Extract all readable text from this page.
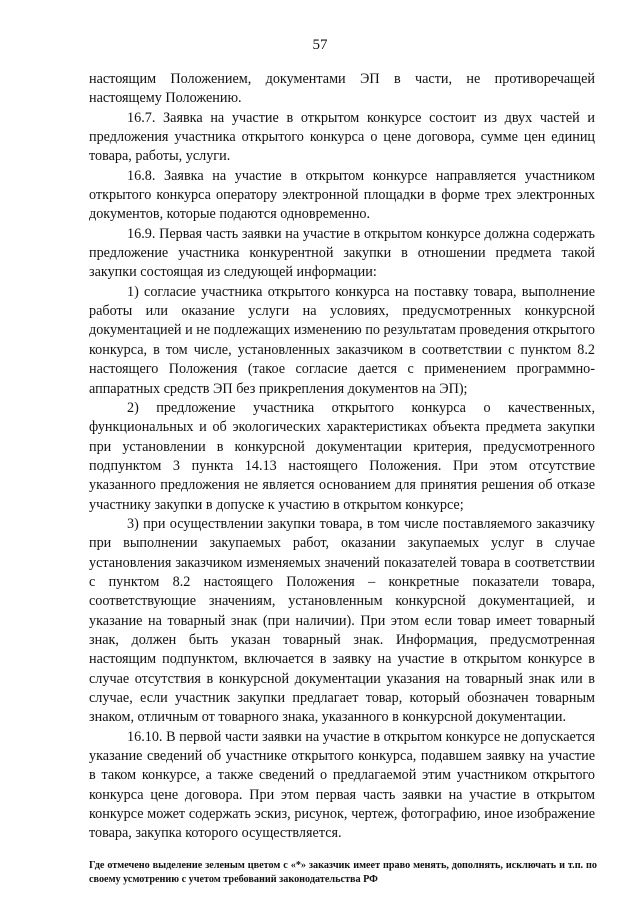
57

настоящим Положением, документами ЭП в части, не противоречащей настоящему Положению.

16.7. Заявка на участие в открытом конкурсе состоит из двух частей и предложения участника открытого конкурса о цене договора, сумме цен единиц товара, работы, услуги.

16.8. Заявка на участие в открытом конкурсе направляется участником открытого конкурса оператору электронной площадки в форме трех электронных документов, которые подаются одновременно.

16.9. Первая часть заявки на участие в открытом конкурсе должна содержать предложение участника конкурентной закупки в отношении предмета такой закупки состоящая из следующей информации:

1) согласие участника открытого конкурса на поставку товара, выполнение работы или оказание услуги на условиях, предусмотренных конкурсной документацией и не подлежащих изменению по результатам проведения открытого конкурса, в том числе, установленных заказчиком в соответствии с пунктом 8.2 настоящего Положения (такое согласие дается с применением программно-аппаратных средств ЭП без прикрепления документов на ЭП);

2) предложение участника открытого конкурса о качественных, функциональных и об экологических характеристиках объекта предмета закупки при установлении в конкурсной документации критерия, предусмотренного подпунктом 3 пункта 14.13 настоящего Положения. При этом отсутствие указанного предложения не является основанием для принятия решения об отказе участнику закупки в допуске к участию в открытом конкурсе;

3) при осуществлении закупки товара, в том числе поставляемого заказчику при выполнении закупаемых работ, оказании закупаемых услуг в случае установления заказчиком изменяемых значений показателей товара в соответствии с пунктом 8.2 настоящего Положения – конкретные показатели товара, соответствующие значениям, установленным конкурсной документацией, и указание на товарный знак (при наличии). При этом если товар имеет товарный знак, должен быть указан товарный знак. Информация, предусмотренная настоящим подпунктом, включается в заявку на участие в открытом конкурсе в случае отсутствия в конкурсной документации указания на товарный знак или в случае, если участник закупки предлагает товар, который обозначен товарным знаком, отличным от товарного знака, указанного в конкурсной документации.

16.10. В первой части заявки на участие в открытом конкурсе не допускается указание сведений об участнике открытого конкурса, подавшем заявку на участие в таком конкурсе, а также сведений о предлагаемой этим участником открытого конкурса цене договора. При этом первая часть заявки на участие в открытом конкурсе может содержать эскиз, рисунок, чертеж, фотографию, иное изображение товара, закупка которого осуществляется.

Где отмечено выделение зеленым цветом с «*» заказчик имеет право менять, дополнять, исключать и т.п. по своему усмотрению с учетом требований законодательства РФ
